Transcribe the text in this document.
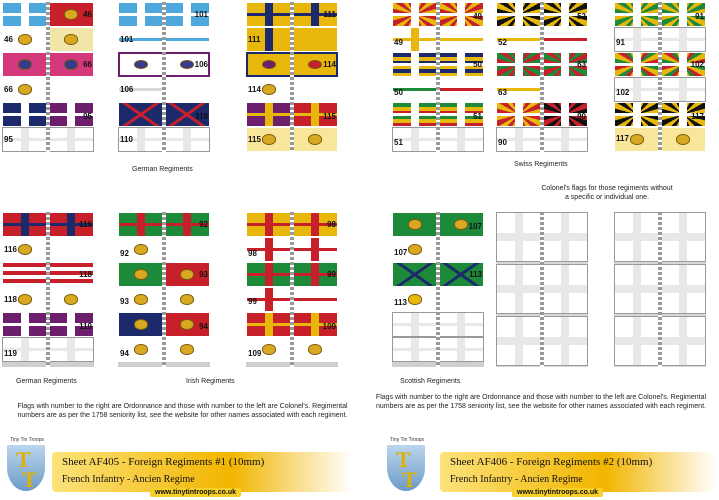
46
46
66
66
95
95
101
101
106
106
110
110
111
111
114
114
115
115
German Regiments
116
116
118
118
119
119
92
92
93
93
94
94
98
98
99
99
109
109
German Regiments	Irish Regiments
Flags with number to the right are Ordonnance and those with number to the left are Colonel's. Regimental numbers are as per the 1758 seniority list, see the website for other names associated with each regiment.
Tiny Tin Troops
T
T
Sheet AF405 - Foreign Regiments #1 (10mm)
French Infantry - Ancien Regime
www.tinytintroops.co.uk
49
49
50
50
51
51
52
52
63
63
90
90
91
91
102
102
117
117
Swiss Regiments
Colonel's flags for those regiments without a specific or individual one.
107
107
113
113
Scottish Regiments
Flags with number to the right are Ordonnance and those with number to the left are Colonel's. Regimental numbers are as per the 1758 seniority list, see the website for other names associated with each regiment.
Tiny Tin Troops
T
T
Sheet AF406 - Foreign Regiments #2 (10mm)
French Infantry - Ancien Regime
www.tinytintroops.co.uk
